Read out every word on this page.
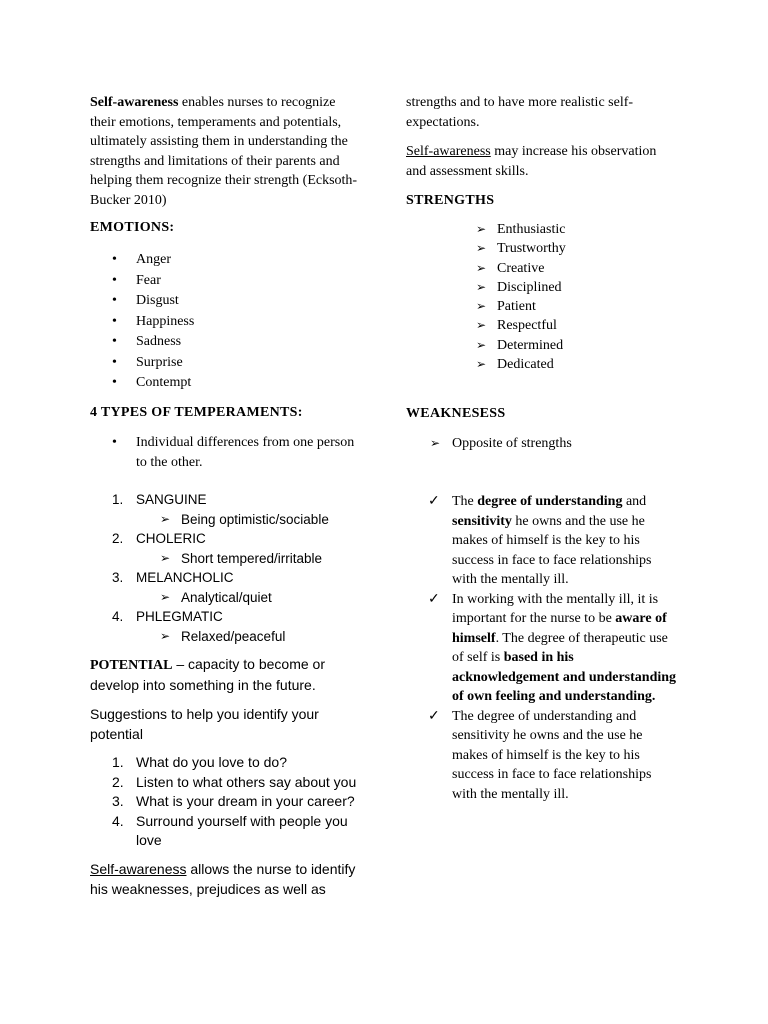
Self-awareness enables nurses to recognize their emotions, temperaments and potentials, ultimately assisting them in understanding the strengths and limitations of their parents and helping them recognize their strength (Ecksoth-Bucker 2010)

EMOTIONS:

• Anger
• Fear
• Disgust
• Happiness
• Sadness
• Surprise
• Contempt

4 TYPES OF TEMPERAMENTS:

• Individual differences from one person to the other.
1. SANGUINE
➢ Being optimistic/sociable
2. CHOLERIC
➢ Short tempered/irritable
3. MELANCHOLIC
➢ Analytical/quiet
4. PHLEGMATIC
➢ Relaxed/peaceful

POTENTIAL – capacity to become or develop into something in the future.

Suggestions to help you identify your potential

1. What do you love to do?
2. Listen to what others say about you
3. What is your dream in your career?
4. Surround yourself with people you love

Self-awareness allows the nurse to identify his weaknesses, prejudices as well as

strengths and to have more realistic self-expectations.

Self-awareness may increase his observation and assessment skills.

STRENGTHS

➢ Enthusiastic
➢ Trustworthy
➢ Creative
➢ Disciplined
➢ Patient
➢ Respectful
➢ Determined
➢ Dedicated

WEAKNESESS

➢ Opposite of strengths
✓ The degree of understanding and sensitivity he owns and the use he makes of himself is the key to his success in face to face relationships with the mentally ill.
✓ In working with the mentally ill, it is important for the nurse to be aware of himself. The degree of therapeutic use of self is based in his acknowledgement and understanding of own feeling and understanding.
✓ The degree of understanding and sensitivity he owns and the use he makes of himself is the key to his success in face to face relationships with the mentally ill.
